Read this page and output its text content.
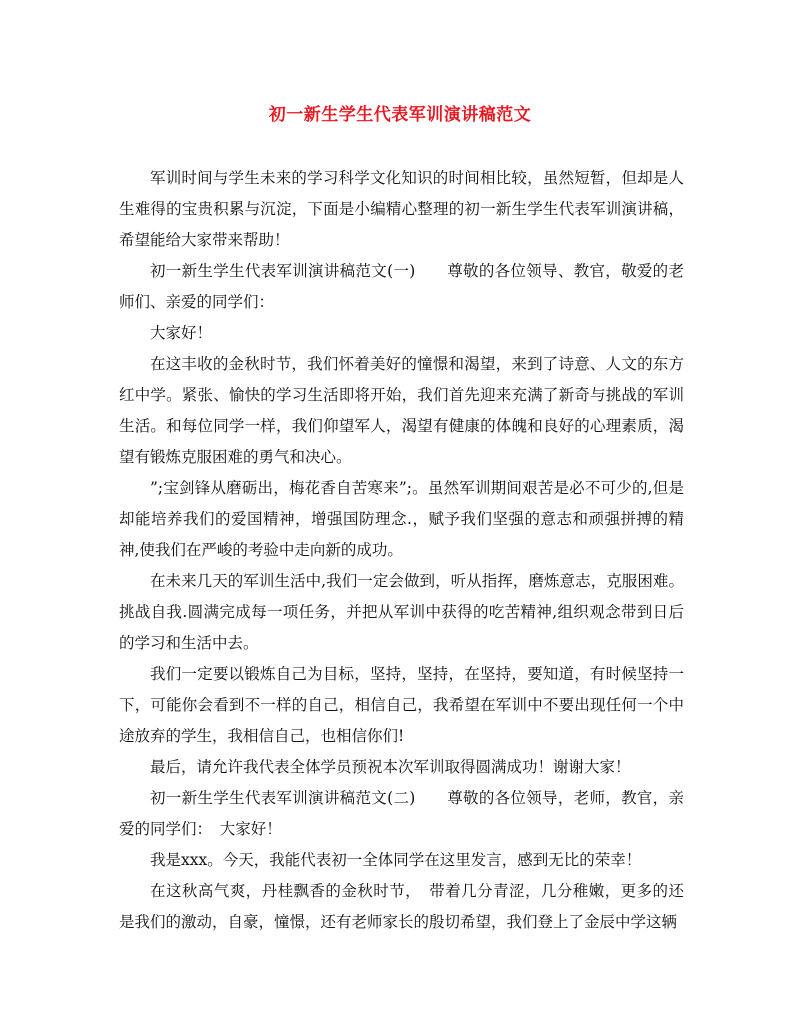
初一新生学生代表军训演讲稿范文

军训时间与学生未来的学习科学文化知识的时间相比较，虽然短暂，但却是人生难得的宝贵积累与沉淀，下面是小编精心整理的初一新生学生代表军训演讲稿，希望能给大家带来帮助！

初一新生学生代表军训演讲稿范文(一)　　尊敬的各位领导、教官，敬爱的老师们、亲爱的同学们：

大家好！

在这丰收的金秋时节，我们怀着美好的憧憬和渴望，来到了诗意、人文的东方红中学。紧张、愉快的学习生活即将开始，我们首先迎来充满了新奇与挑战的军训生活。和每位同学一样，我们仰望军人，渴望有健康的体魄和良好的心理素质，渴望有锻炼克服困难的勇气和决心。

”;宝剑锋从磨砺出，梅花香自苦寒来”;。虽然军训期间艰苦是必不可少的,但是却能培养我们的爱国精神，增强国防理念.，赋予我们坚强的意志和顽强拼搏的精神,使我们在严峻的考验中走向新的成功。

在未来几天的军训生活中,我们一定会做到，听从指挥，磨炼意志，克服困难。挑战自我.圆满完成每一项任务，并把从军训中获得的吃苦精神,组织观念带到日后的学习和生活中去。

我们一定要以锻炼自己为目标，坚持，坚持，在坚持，要知道，有时候坚持一下，可能你会看到不一样的自己，相信自己，我希望在军训中不要出现任何一个中途放弃的学生，我相信自己，也相信你们!

最后，请允许我代表全体学员预祝本次军训取得圆满成功！谢谢大家！

初一新生学生代表军训演讲稿范文(二)　　尊敬的各位领导，老师，教官，亲爱的同学们：　大家好！

我是xxx。今天，我能代表初一全体同学在这里发言，感到无比的荣幸！

在这秋高气爽，丹桂飘香的金秋时节，　带着几分青涩，几分稚嫩，更多的还是我们的激动，自豪，憧憬，还有老师家长的殷切希望，我们登上了金辰中学这辆
